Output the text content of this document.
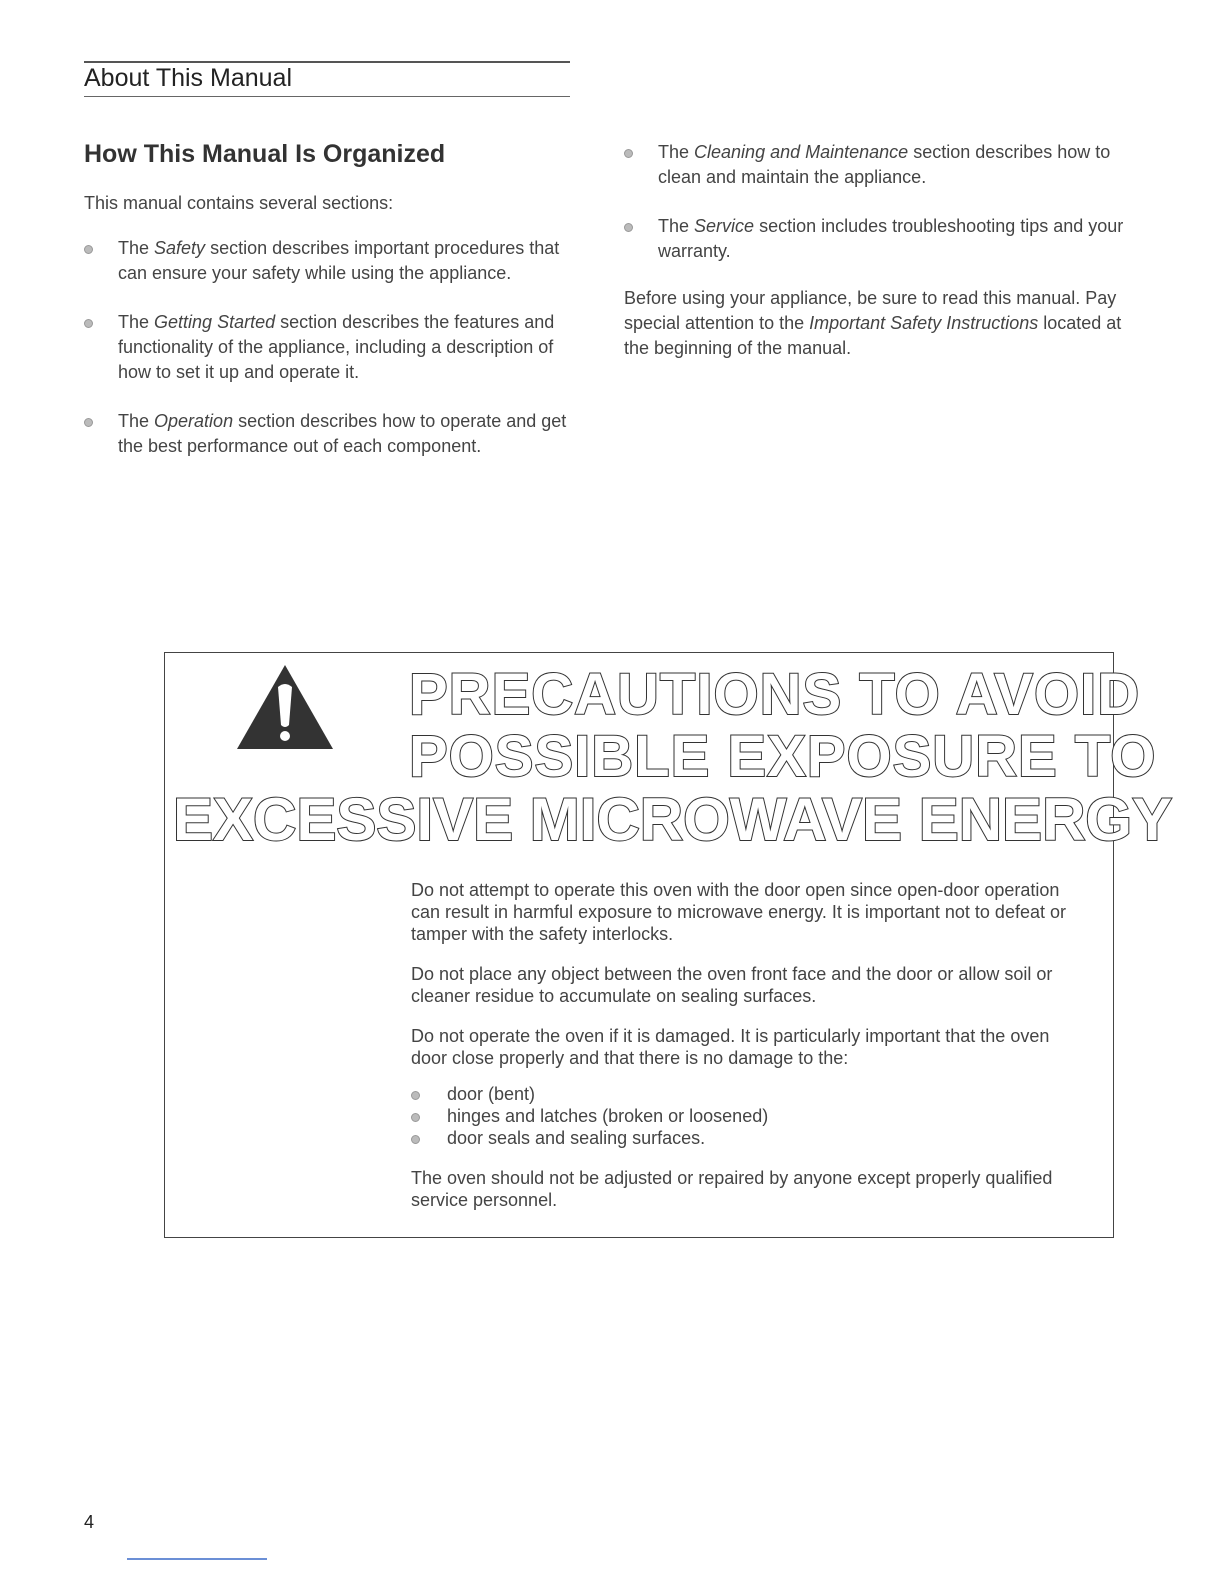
About This Manual
How This Manual Is Organized

This manual contains several sections:

The Safety section describes important procedures that can ensure your safety while using the appliance.
The Getting Started section describes the features and functionality of the appliance, including a description of how to set it up and operate it.
The Operation section describes how to operate and get the best performance out of each component.
The Cleaning and Maintenance section describes how to clean and maintain the appliance.
The Service section includes troubleshooting tips and your warranty.

Before using your appliance, be sure to read this manual. Pay special attention to the Important Safety Instructions located at the beginning of the manual.

PRECAUTIONS TO AVOID
POSSIBLE EXPOSURE TO
EXCESSIVE MICROWAVE ENERGY

Do not attempt to operate this oven with the door open since open-door operation can result in harmful exposure to microwave energy. It is important not to defeat or tamper with the safety interlocks.

Do not place any object between the oven front face and the door or allow soil or cleaner residue to accumulate on sealing surfaces.

Do not operate the oven if it is damaged. It is particularly important that the oven door close properly and that there is no damage to the:

door (bent)
hinges and latches (broken or loosened)
door seals and sealing surfaces.

The oven should not be adjusted or repaired by anyone except properly qualified service personnel.

4
